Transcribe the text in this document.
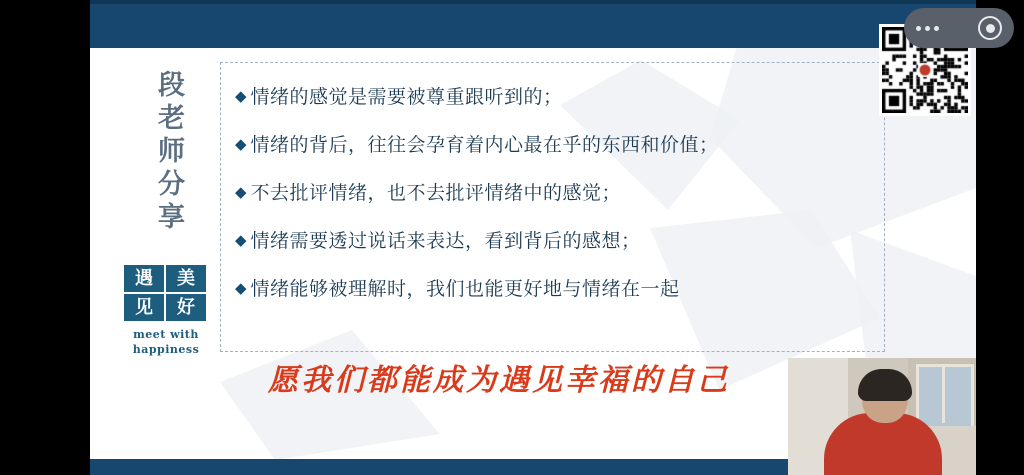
段老师分享
遇	美
见	好
meet with
happiness
◆ 情绪的感觉是需要被尊重跟听到的；
◆ 情绪的背后，往往会孕育着内心最在乎的东西和价值；
◆ 不去批评情绪，也不去批评情绪中的感觉；
◆ 情绪需要透过说话来表达，看到背后的感想；
◆ 情绪能够被理解时，我们也能更好地与情绪在一起
愿我们都能成为遇见幸福的自己
